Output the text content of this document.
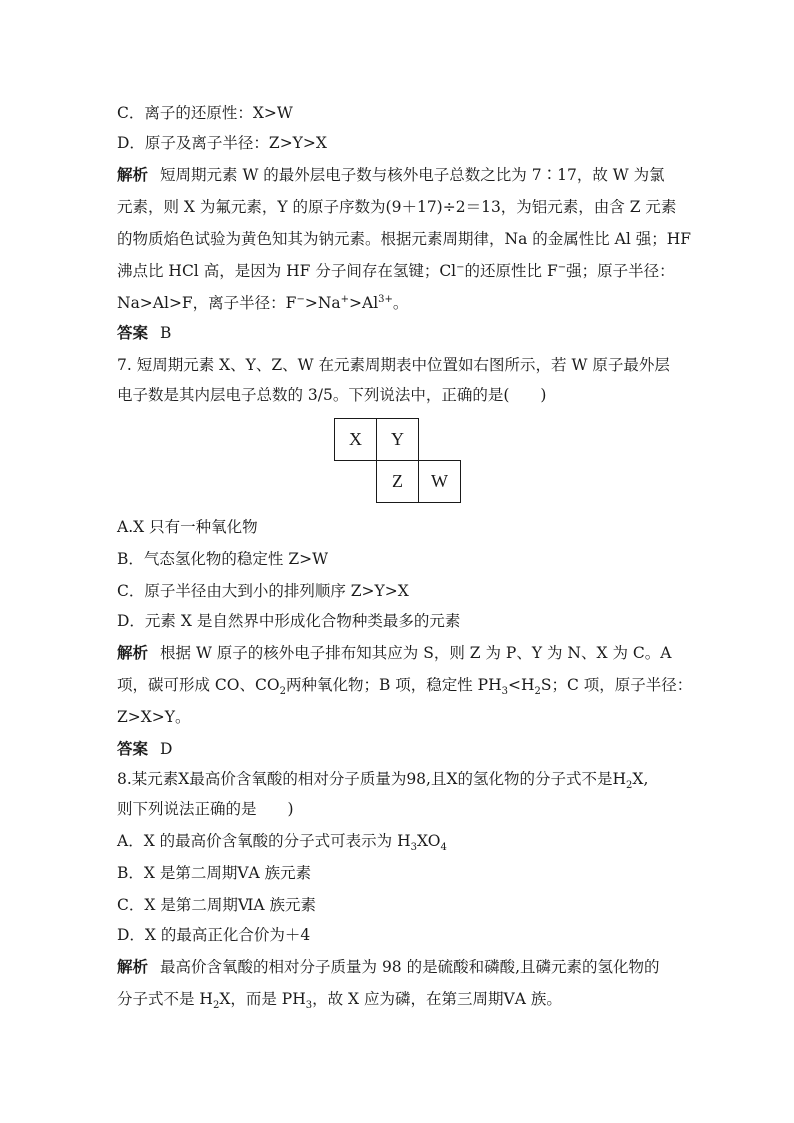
C．离子的还原性：X>W
D．原子及离子半径：Z>Y>X
解析 短周期元素 W 的最外层电子数与核外电子总数之比为 7∶17，故 W 为氯
元素，则 X 为氟元素，Y 的原子序数为(9＋17)÷2＝13，为铝元素，由含 Z 元素
的物质焰色试验为黄色知其为钠元素。根据元素周期律，Na 的金属性比 Al 强；HF
沸点比 HCl 高，是因为 HF 分子间存在氢键；Cl−的还原性比 F−强；原子半径：
Na>Al>F，离子半径：$F^->Na^+>Al^{3+}$。
答案 B
7. 短周期元素 X、Y、Z、W 在元素周期表中位置如右图所示，若 W 原子最外层
电子数是其内层电子总数的 3/5。下列说法中，正确的是(　　)
X	Y
Z	W
A.X 只有一种氧化物
B．气态氢化物的稳定性 Z>W
C．原子半径由大到小的排列顺序 Z>Y>X
D．元素 X 是自然界中形成化合物种类最多的元素
解析 根据 W 原子的核外电子排布知其应为 S，则 Z 为 P、Y 为 N、X 为 C。A
项，碳可形成 CO、$CO_2$两种氧化物；B 项，稳定性 $PH_3<H_2S$；C 项，原子半径：
Z>X>Y。
答案 D
8.某元素X最高价含氧酸的相对分子质量为98,且X的氢化物的分子式不是$H_2X$,
则下列说法正确的是　　)
A．X 的最高价含氧酸的分子式可表示为 $H_3XO_4$
B．X 是第二周期ⅤA 族元素
C．X 是第二周期ⅥA 族元素
D．X 的最高正化合价为＋4
解析 最高价含氧酸的相对分子质量为 98 的是硫酸和磷酸,且磷元素的氢化物的
分子式不是 $H_2X$，而是 $PH_3$，故 X 应为磷，在第三周期ⅤA 族。
